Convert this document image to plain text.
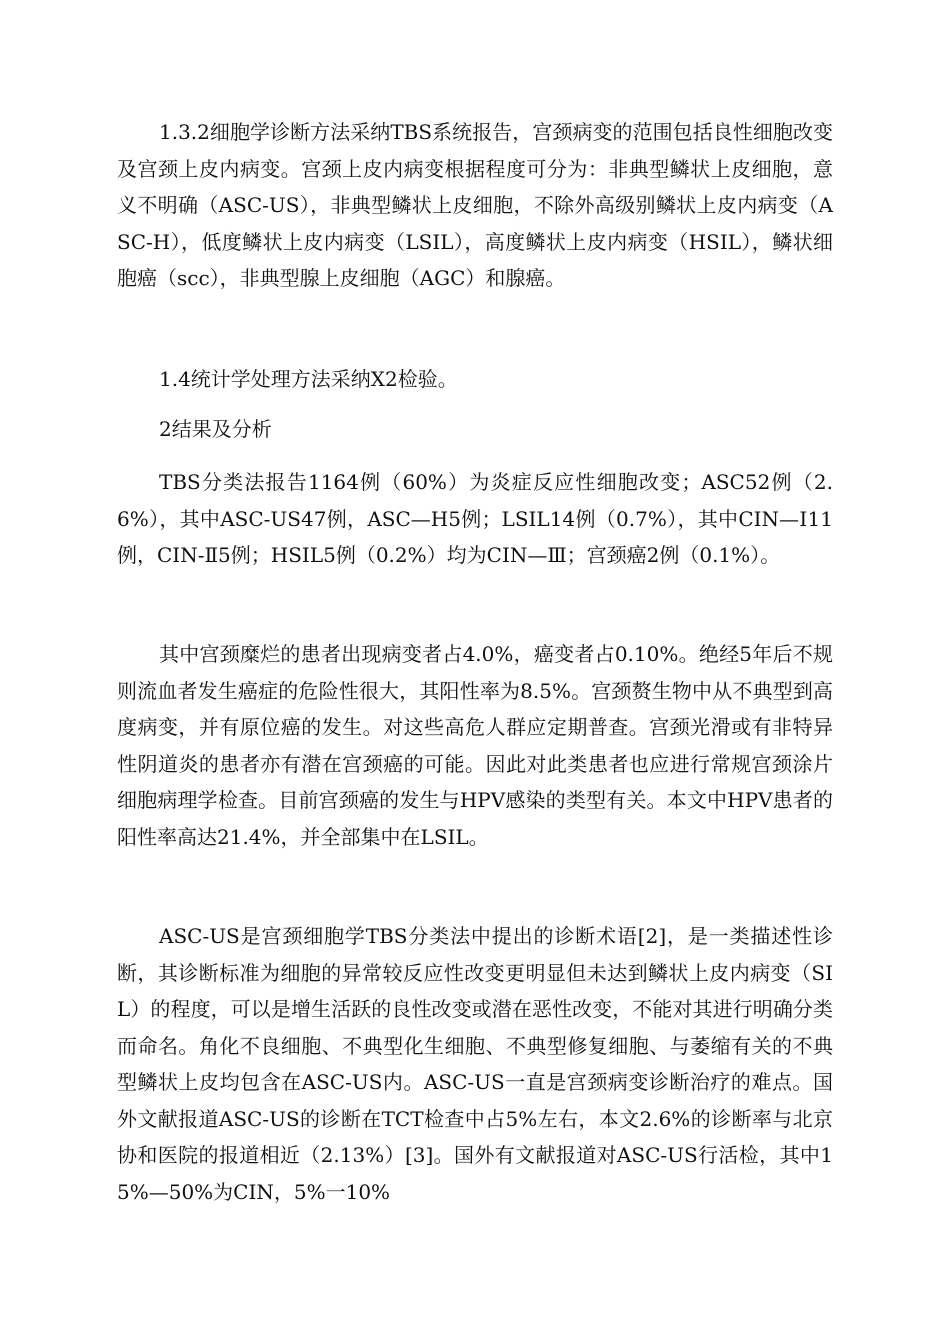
1.3.2细胞学诊断方法采纳TBS系统报告，宫颈病变的范围包括良性细胞改变及宫颈上皮内病变。宫颈上皮内病变根据程度可分为：非典型鳞状上皮细胞，意义不明确（ASC-US），非典型鳞状上皮细胞，不除外高级别鳞状上皮内病变（ASC-H），低度鳞状上皮内病变（LSIL），高度鳞状上皮内病变（HSIL），鳞状细胞癌（scc），非典型腺上皮细胞（AGC）和腺癌。

1.4统计学处理方法采纳X2检验。

2结果及分析

TBS分类法报告1164例（60%）为炎症反应性细胞改变；ASC52例（2.6%），其中ASC-US47例，ASC—H5例；LSIL14例（0.7%），其中CIN—Ⅰ11例，CIN-Ⅱ5例；HSIL5例（0.2%）均为CIN—Ⅲ；宫颈癌2例（0.1%）。

其中宫颈糜烂的患者出现病变者占4.0%，癌变者占0.10%。绝经5年后不规则流血者发生癌症的危险性很大，其阳性率为8.5%。宫颈赘生物中从不典型到高度病变，并有原位癌的发生。对这些高危人群应定期普查。宫颈光滑或有非特异性阴道炎的患者亦有潜在宫颈癌的可能。因此对此类患者也应进行常规宫颈涂片细胞病理学检查。目前宫颈癌的发生与HPV感染的类型有关。本文中HPV患者的阳性率高达21.4%，并全部集中在LSIL。

ASC-US是宫颈细胞学TBS分类法中提出的诊断术语[2]，是一类描述性诊断，其诊断标准为细胞的异常较反应性改变更明显但未达到鳞状上皮内病变（SIL）的程度，可以是增生活跃的良性改变或潜在恶性改变，不能对其进行明确分类而命名。角化不良细胞、不典型化生细胞、不典型修复细胞、与萎缩有关的不典型鳞状上皮均包含在ASC-US内。ASC-US一直是宫颈病变诊断治疗的难点。国外文献报道ASC-US的诊断在TCT检查中占5%左右，本文2.6%的诊断率与北京协和医院的报道相近（2.13%）[3]。国外有文献报道对ASC-US行活检，其中15%—50%为CIN，5%一10%
